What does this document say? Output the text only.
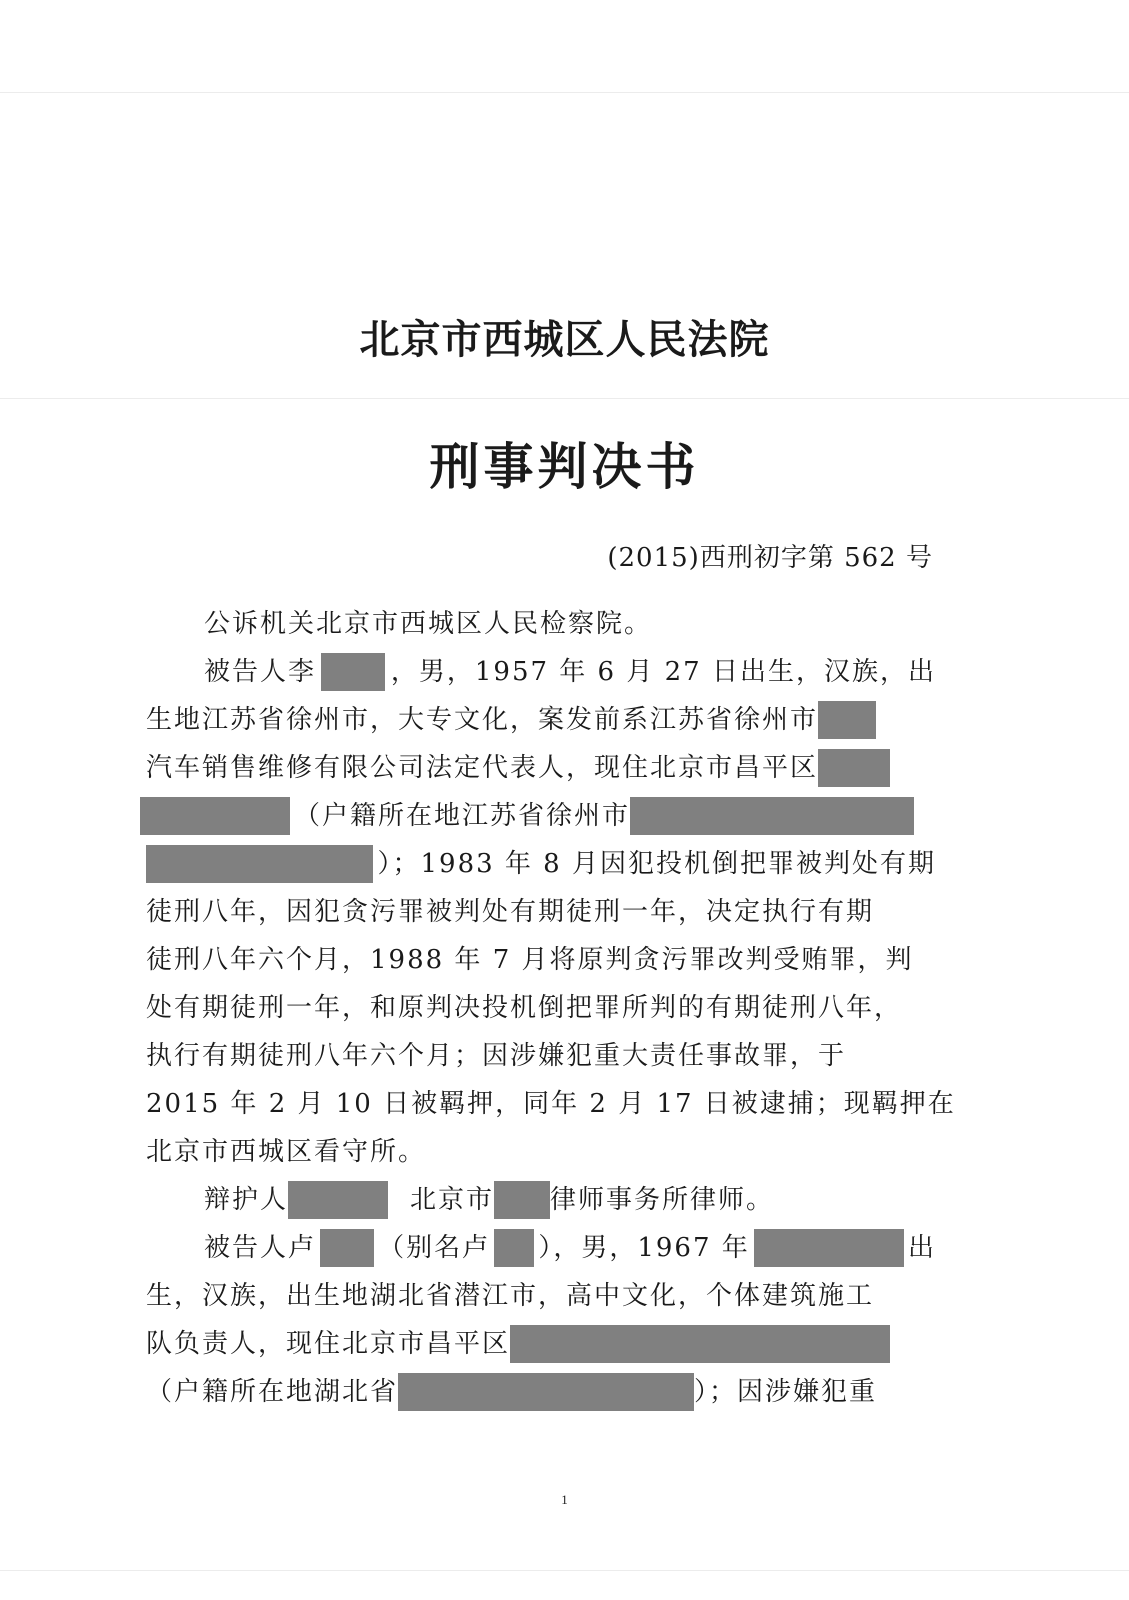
北京市西城区人民法院
刑事判决书
(2015)西刑初字第 562 号
公诉机关北京市西城区人民检察院。
被告人李	，男，1957 年 6 月 27 日出生，汉族，出
生地江苏省徐州市，大专文化，案发前系江苏省徐州市
汽车销售维修有限公司法定代表人，现住北京市昌平区
（户籍所在地江苏省徐州市
）；1983 年 8 月因犯投机倒把罪被判处有期
徒刑八年，因犯贪污罪被判处有期徒刑一年，决定执行有期
徒刑八年六个月，1988 年 7 月将原判贪污罪改判受贿罪，判
处有期徒刑一年，和原判决投机倒把罪所判的有期徒刑八年，
执行有期徒刑八年六个月；因涉嫌犯重大责任事故罪，于
2015 年 2 月 10 日被羁押，同年 2 月 17 日被逮捕；现羁押在
北京市西城区看守所。
辩护人	北京市 律师事务所律师。
被告人卢 （别名卢 ），男，1967 年	出
生，汉族，出生地湖北省潜江市，高中文化，个体建筑施工
队负责人，现住北京市昌平区
（户籍所在地湖北省	）；因涉嫌犯重
1
